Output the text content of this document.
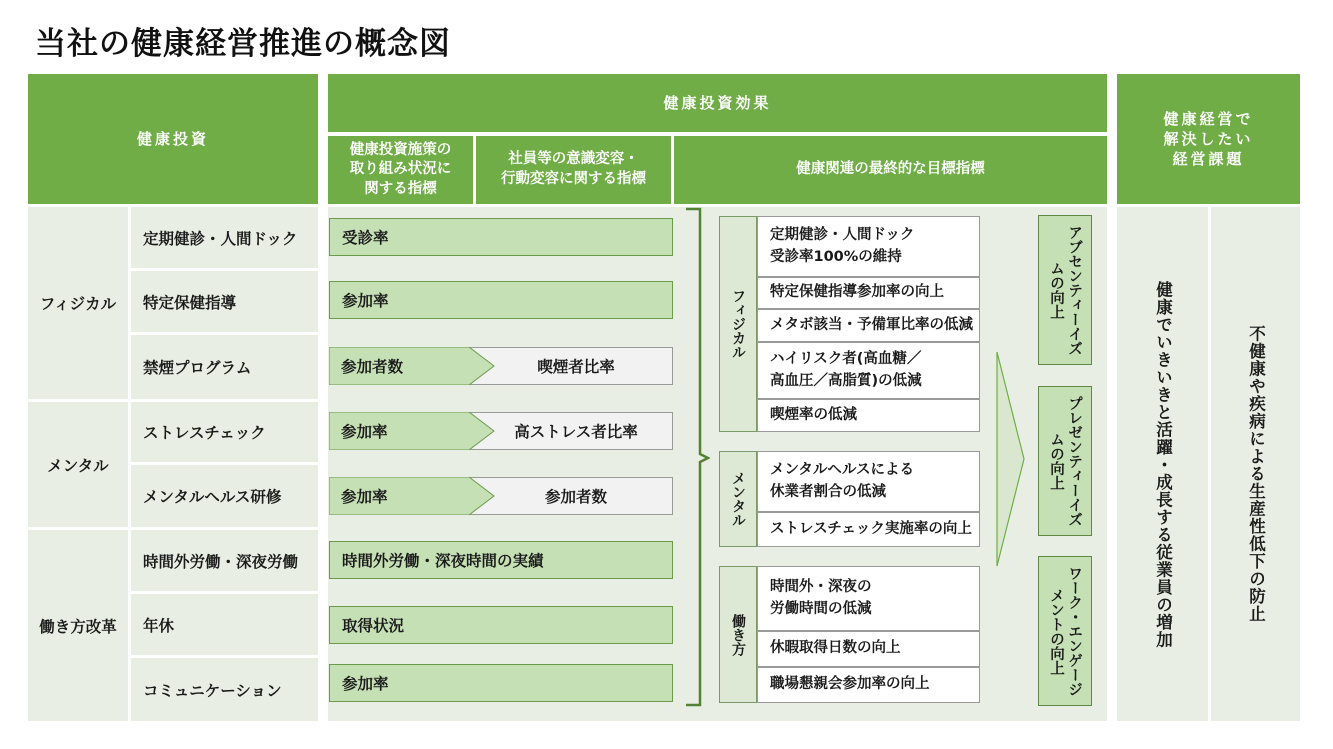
当社の健康経営推進の概念図
健康投資
健康投資効果
健康投資施策の
取り組み状況に
関する指標
社員等の意識変容・
行動変容に関する指標
健康関連の最終的な目標指標
健康経営で
解決したい
経営課題
フィジカル
メンタル
働き方改革
定期健診・人間ドック
特定保健指導
禁煙プログラム
ストレスチェック
メンタルヘルス研修
時間外労働・深夜労働
年休
コミュニケーション
受診率
参加率
喫煙者比率
参加者数
高ストレス者比率
参加率
参加者数
参加率
時間外労働・深夜時間の実績
取得状況
参加率
フィジカル
定期健診・人間ドック
受診率100%の維持
特定保健指導参加率の向上
メタボ該当・予備軍比率の低減
ハイリスク者(高血糖／
高血圧／高脂質)の低減
喫煙率の低減
メンタル
メンタルヘルスによる
休業者割合の低減
ストレスチェック実施率の向上
働き方
時間外・深夜の
労働時間の低減
休暇取得日数の向上
職場懇親会参加率の向上
アブセンティーイズムの向上
プレゼンティーイズムの向上
ワーク・エンゲージメントの向上	健康でいきいきと活躍・成長する従業員の増加	不健康や疾病による生産性低下の防止
